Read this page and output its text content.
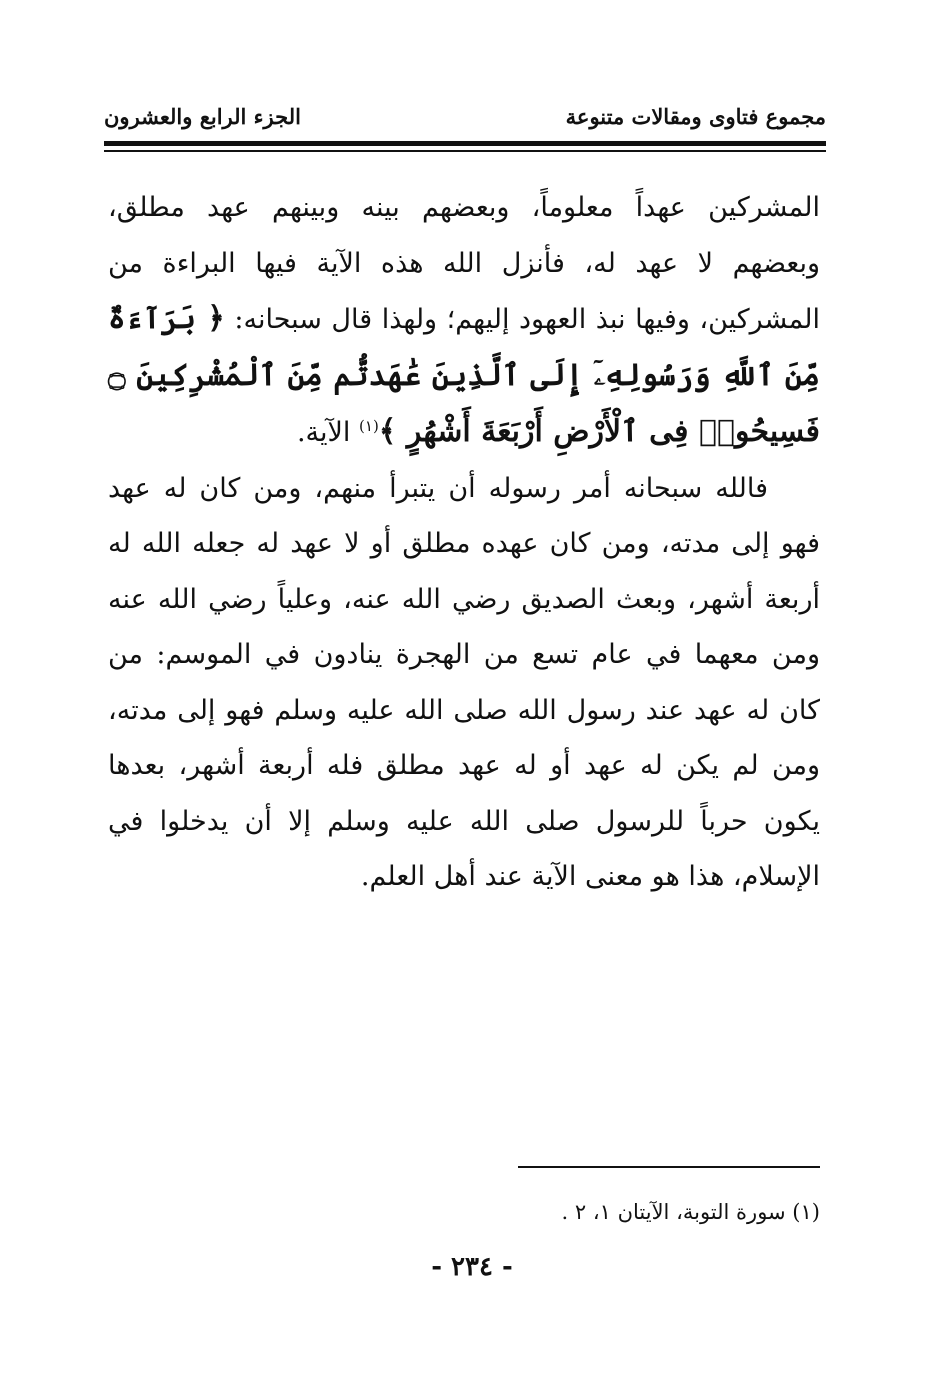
مجموع فتاوى ومقالات متنوعة
الجزء الرابع والعشرون

المشركين عهداً معلوماً، وبعضهم بينه وبينهم عهد مطلق، وبعضهم لا عهد له، فأنزل الله هذه الآية فيها البراءة من المشركين، وفيها نبذ العهود إليهم؛ ولهذا قال سبحانه: ﴿ بَرَآءَةٌ مِّنَ ٱللَّهِ وَرَسُولِهِۦٓ إِلَى ٱلَّذِينَ عَٰهَدتُّم مِّنَ ٱلْمُشْرِكِينَ ۝ فَسِيحُوا۟ فِى ٱلْأَرْضِ أَرْبَعَةَ أَشْهُرٍ ﴾$^{(١)}$ الآية.

فالله سبحانه أمر رسوله أن يتبرأ منهم، ومن كان له عهد فهو إلى مدته، ومن كان عهده مطلق أو لا عهد له جعله الله له أربعة أشهر، وبعث الصديق رضي الله عنه، وعلياً رضي الله عنه ومن معهما في عام تسع من الهجرة ينادون في الموسم: من كان له عهد عند رسول الله صلى الله عليه وسلم فهو إلى مدته، ومن لم يكن له عهد أو له عهد مطلق فله أربعة أشهر، بعدها يكون حرباً للرسول صلى الله عليه وسلم إلا أن يدخلوا في الإسلام، هذا هو معنى الآية عند أهل العلم.

(١) سورة التوبة، الآيتان ١، ٢ .
- ٢٣٤ -
